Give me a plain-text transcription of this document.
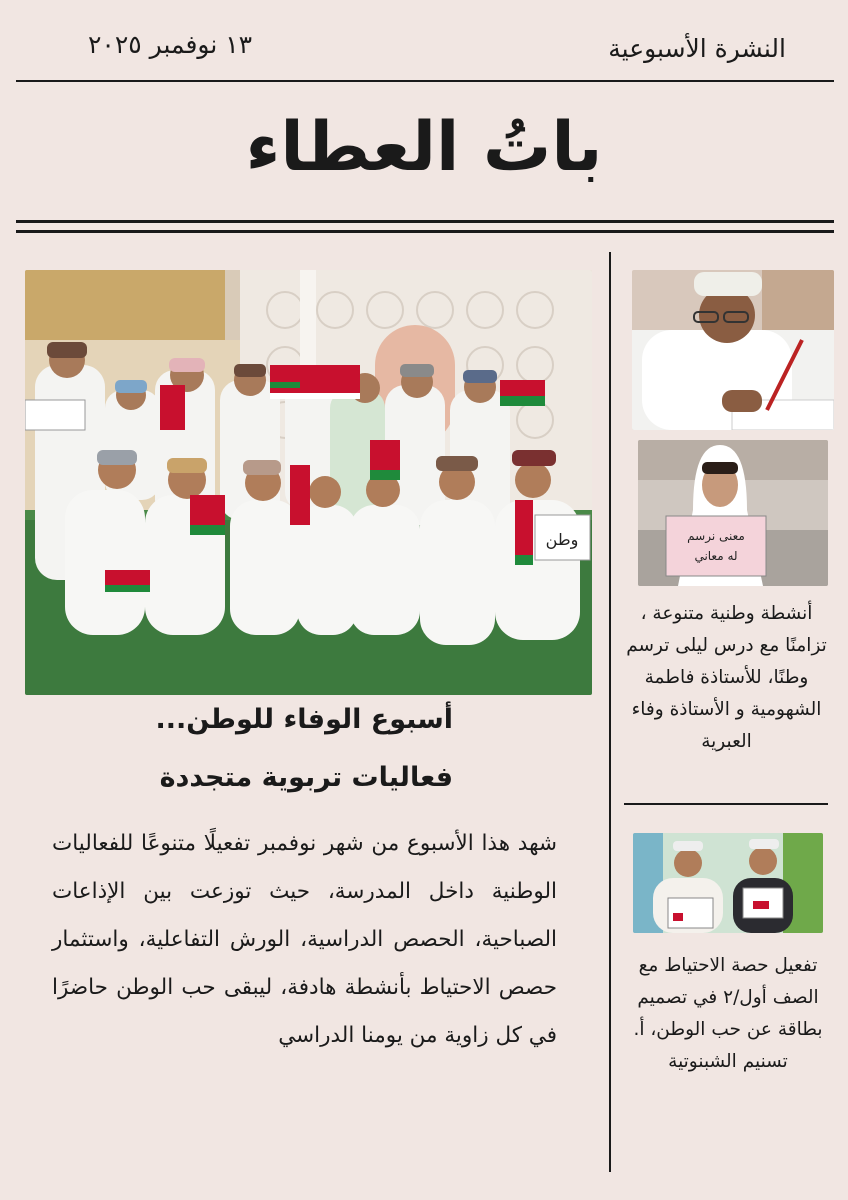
النشرة الأسبوعية
١٣ نوفمبر ٢٠٢٥
باتُ العطاء
وطن	معنى نرسم
له معاني
أسبوع الوفاء للوطن...
فعاليات تربوية متجددة
شهد هذا الأسبوع من شهر نوفمبر تفعيلًا متنوعًا للفعاليات الوطنية داخل المدرسة، حيث توزعت بين الإذاعات الصباحية، الحصص الدراسية، الورش التفاعلية، واستثمار حصص الاحتياط بأنشطة هادفة، ليبقى حب الوطن حاضرًا في كل زاوية من يومنا الدراسي
أنشطة وطنية متنوعة ، تزامنًا مع درس ليلى ترسم وطنًا، للأستاذة فاطمة الشهومية و الأستاذة وفاء العبرية
تفعيل حصة الاحتياط مع الصف أول/٢ في تصميم بطاقة عن حب الوطن، أ. تسنيم الشبنوتية
